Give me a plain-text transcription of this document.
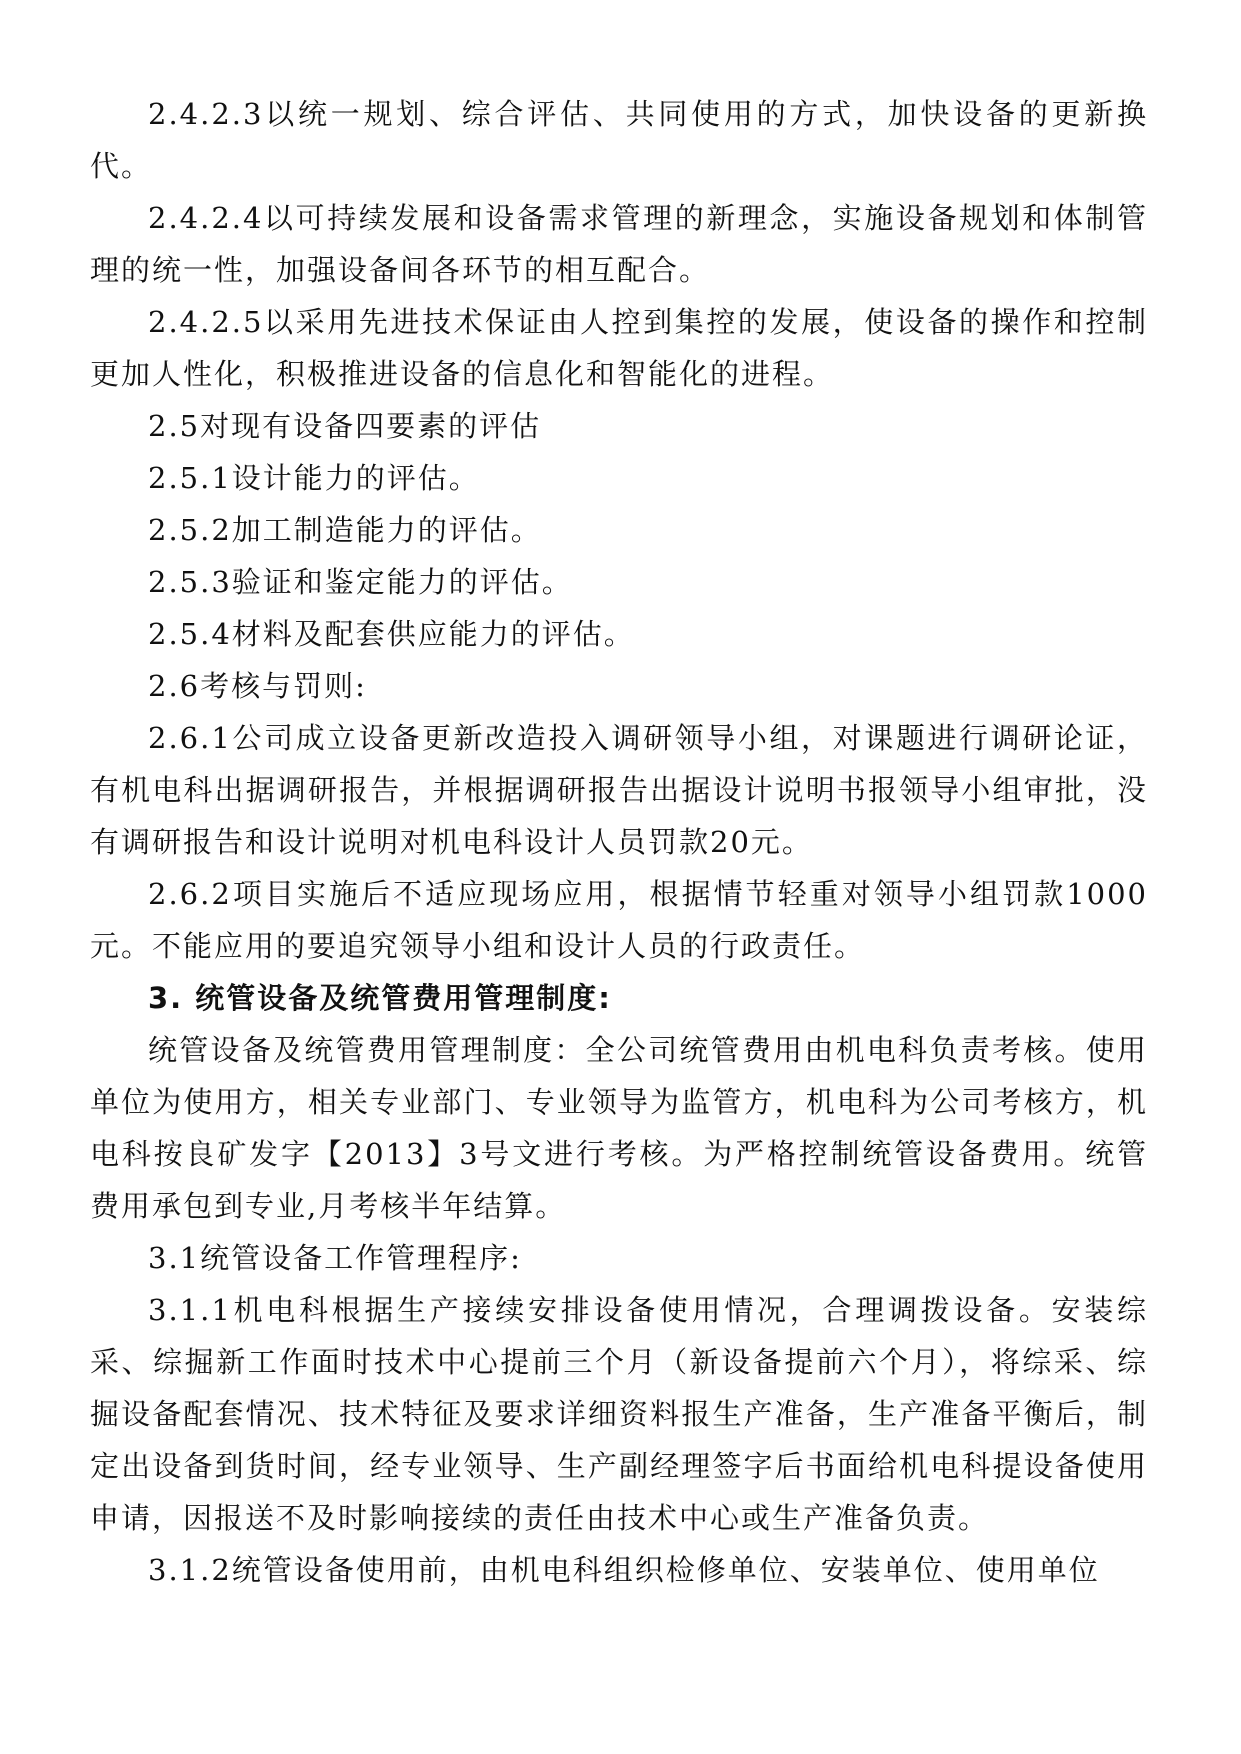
2.4.2.3以统一规划、综合评估、共同使用的方式，加快设备的更新换代。

2.4.2.4以可持续发展和设备需求管理的新理念，实施设备规划和体制管理的统一性，加强设备间各环节的相互配合。

2.4.2.5以采用先进技术保证由人控到集控的发展，使设备的操作和控制更加人性化，积极推进设备的信息化和智能化的进程。

2.5对现有设备四要素的评估

2.5.1设计能力的评估。

2.5.2加工制造能力的评估。

2.5.3验证和鉴定能力的评估。

2.5.4材料及配套供应能力的评估。

2.6考核与罚则:

2.6.1公司成立设备更新改造投入调研领导小组，对课题进行调研论证，有机电科出据调研报告，并根据调研报告出据设计说明书报领导小组审批，没有调研报告和设计说明对机电科设计人员罚款20元。

2.6.2项目实施后不适应现场应用，根据情节轻重对领导小组罚款1000元。不能应用的要追究领导小组和设计人员的行政责任。

3. 统管设备及统管费用管理制度:

统管设备及统管费用管理制度：全公司统管费用由机电科负责考核。使用单位为使用方，相关专业部门、专业领导为监管方，机电科为公司考核方，机电科按良矿发字【2013】3号文进行考核。为严格控制统管设备费用。统管费用承包到专业,月考核半年结算。

3.1统管设备工作管理程序:

3.1.1机电科根据生产接续安排设备使用情况，合理调拨设备。安装综采、综掘新工作面时技术中心提前三个月（新设备提前六个月），将综采、综掘设备配套情况、技术特征及要求详细资料报生产准备，生产准备平衡后，制定出设备到货时间，经专业领导、生产副经理签字后书面给机电科提设备使用申请，因报送不及时影响接续的责任由技术中心或生产准备负责。

3.1.2统管设备使用前，由机电科组织检修单位、安装单位、使用单位
